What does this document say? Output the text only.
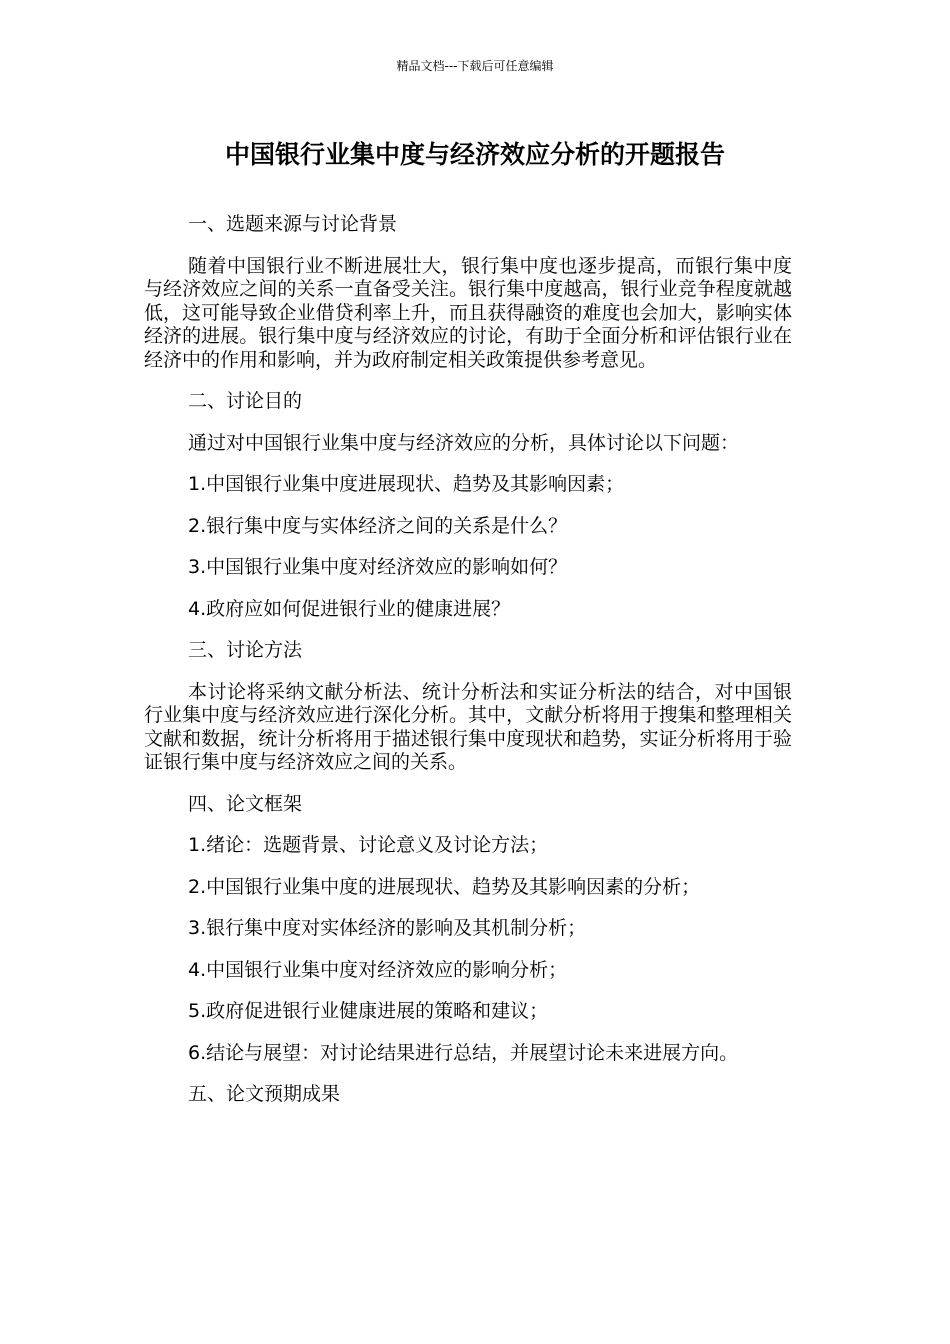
精品文档---下载后可任意编辑
中国银行业集中度与经济效应分析的开题报告

一、选题来源与讨论背景

随着中国银行业不断进展壮大，银行集中度也逐步提高，而银行集中度与经济效应之间的关系一直备受关注。银行集中度越高，银行业竞争程度就越低，这可能导致企业借贷利率上升，而且获得融资的难度也会加大，影响实体经济的进展。银行集中度与经济效应的讨论，有助于全面分析和评估银行业在经济中的作用和影响，并为政府制定相关政策提供参考意见。

二、讨论目的

通过对中国银行业集中度与经济效应的分析，具体讨论以下问题：

1.中国银行业集中度进展现状、趋势及其影响因素；

2.银行集中度与实体经济之间的关系是什么？

3.中国银行业集中度对经济效应的影响如何？

4.政府应如何促进银行业的健康进展？

三、讨论方法

本讨论将采纳文献分析法、统计分析法和实证分析法的结合，对中国银行业集中度与经济效应进行深化分析。其中，文献分析将用于搜集和整理相关文献和数据，统计分析将用于描述银行集中度现状和趋势，实证分析将用于验证银行集中度与经济效应之间的关系。

四、论文框架

1.绪论：选题背景、讨论意义及讨论方法；

2.中国银行业集中度的进展现状、趋势及其影响因素的分析；

3.银行集中度对实体经济的影响及其机制分析；

4.中国银行业集中度对经济效应的影响分析；

5.政府促进银行业健康进展的策略和建议；

6.结论与展望：对讨论结果进行总结，并展望讨论未来进展方向。

五、论文预期成果
